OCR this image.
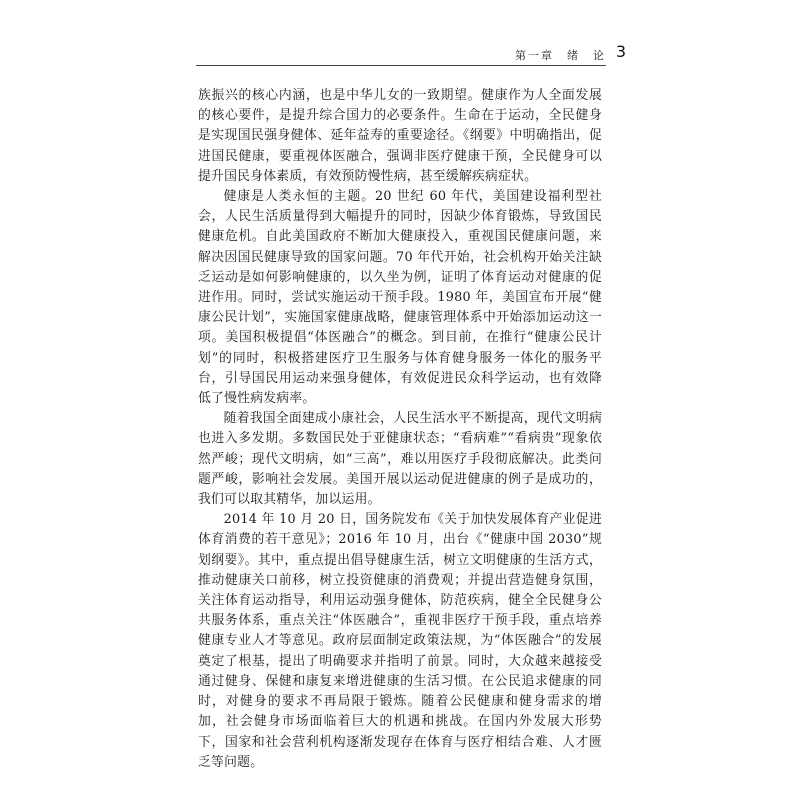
第一章　绪　论 3

族振兴的核心内涵，也是中华儿女的一致期望。健康作为人全面发展的核心要件，是提升综合国力的必要条件。生命在于运动，全民健身是实现国民强身健体、延年益寿的重要途径。《纲要》中明确指出，促进国民健康，要重视体医融合，强调非医疗健康干预，全民健身可以提升国民身体素质，有效预防慢性病，甚至缓解疾病症状。

健康是人类永恒的主题。20 世纪 60 年代，美国建设福利型社会，人民生活质量得到大幅提升的同时，因缺少体育锻炼，导致国民健康危机。自此美国政府不断加大健康投入，重视国民健康问题，来解决因国民健康导致的国家问题。70 年代开始，社会机构开始关注缺乏运动是如何影响健康的，以久坐为例，证明了体育运动对健康的促进作用。同时，尝试实施运动干预手段。1980 年，美国宣布开展“健康公民计划”，实施国家健康战略，健康管理体系中开始添加运动这一项。美国积极提倡“体医融合”的概念。到目前，在推行“健康公民计划”的同时，积极搭建医疗卫生服务与体育健身服务一体化的服务平台，引导国民用运动来强身健体，有效促进民众科学运动，也有效降低了慢性病发病率。

随着我国全面建成小康社会，人民生活水平不断提高，现代文明病也进入多发期。多数国民处于亚健康状态；“看病难”“看病贵”现象依然严峻；现代文明病，如“三高”，难以用医疗手段彻底解决。此类问题严峻，影响社会发展。美国开展以运动促进健康的例子是成功的，我们可以取其精华，加以运用。

2014 年 10 月 20 日，国务院发布《关于加快发展体育产业促进体育消费的若干意见》；2016 年 10 月，出台《“健康中国 2030”规划纲要》。其中，重点提出倡导健康生活，树立文明健康的生活方式，推动健康关口前移，树立投资健康的消费观；并提出营造健身氛围，关注体育运动指导，利用运动强身健体，防范疾病，健全全民健身公共服务体系，重点关注“体医融合”，重视非医疗干预手段，重点培养健康专业人才等意见。政府层面制定政策法规，为“体医融合”的发展奠定了根基，提出了明确要求并指明了前景。同时，大众越来越接受通过健身、保健和康复来增进健康的生活习惯。在公民追求健康的同时，对健身的要求不再局限于锻炼。随着公民健康和健身需求的增加，社会健身市场面临着巨大的机遇和挑战。在国内外发展大形势下，国家和社会营利机构逐渐发现存在体育与医疗相结合难、人才匮乏等问题。
